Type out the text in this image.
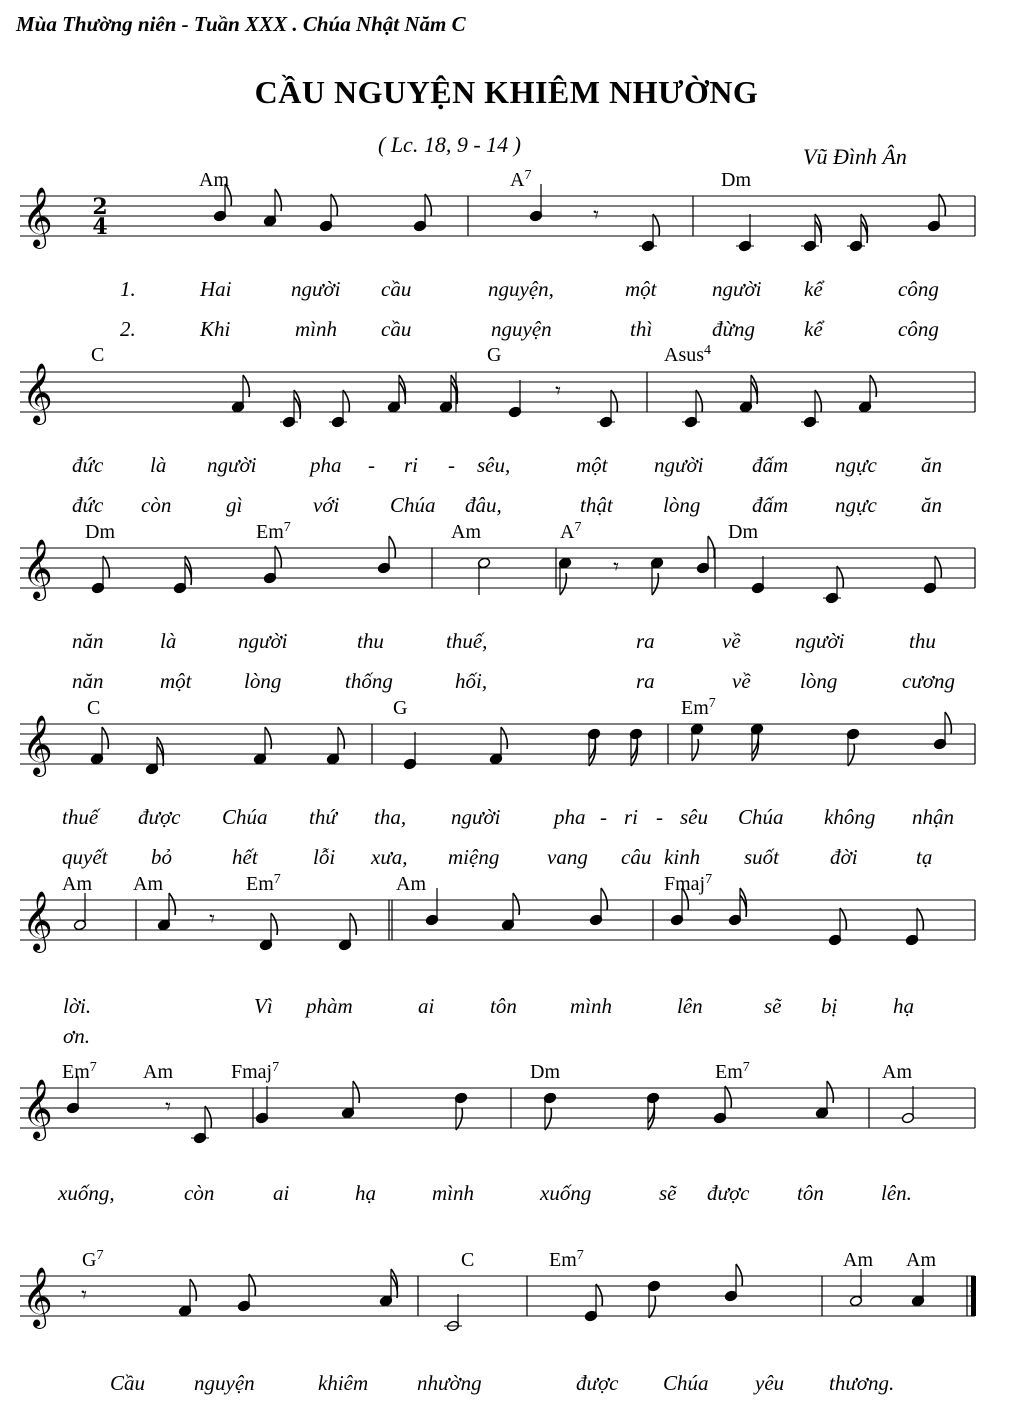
Mùa Thường niên - Tuần XXX . Chúa Nhật Năm C
CẦU NGUYỆN KHIÊM NHƯỜNG
( Lc. 18, 9 - 14 )	Vũ Đình Ân
𝄞 2
4	𝄾
Am	$A^7$	Dm
1.	Hai	người cầu	nguyện,	một	người kể	công
2.	Khi	mình cầu	nguyện	thì	đừng kể	công
𝄞	𝄾
C	G	Asus$^4$
đức là người	pha - ri - sêu,	một người đấm ngực ăn
đức còn	gì	với Chúa đâu,	thật lòng đấm ngực ăn
𝄞	𝄾
Dm	Em$^7$	Am	$A^7$	Dm
năn	là	người	thu	thuế,	ra	về	người	thu
năn	một	lòng	thống	hối,	ra	về lòng	cương
𝄞
C	G	Em$^7$
thuế được Chúa thứ tha, người	pha - ri - sêu Chúa không nhận
quyết bỏ	hết	lỗi xưa, miệng vang câu kinh suốt đời	tạ
𝄞	𝄾
Am Am	Em$^7$	Am	Fmaj$^7$
lời.	Vì phàm	ai	tôn	mình	lên	sẽ bị	hạ
ơn.
𝄞	𝄾
Em$^7$ Am	Fmaj$^7$	Dm	Em$^7$	Am
xuống,	còn	ai	hạ	mình	xuống	sẽ được tôn	lên.
𝄞 𝄾	𝄾
$G^7$	C	Em$^7$	Am Am
Cầu nguyện	khiêm nhường	được Chúa yêu thương.
